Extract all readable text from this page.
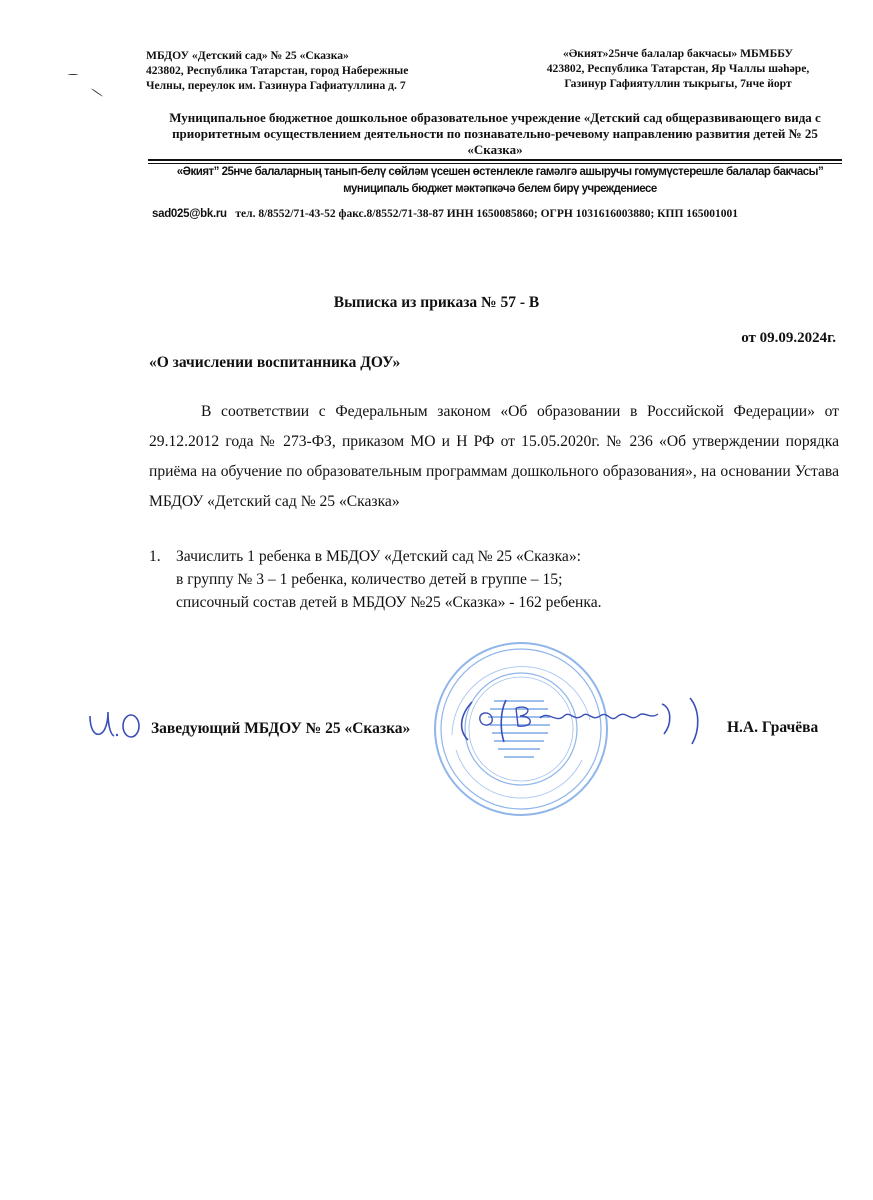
МБДОУ «Детский сад» № 25 «Сказка»
423802, Республика Татарстан, город Набережные
Челны, переулок им. Газинура Гафиатуллина д. 7
«Әкият»25нче балалар бакчасы» МБМББУ
423802, Республика Татарстан, Яр Чаллы шәһәре,
Газинур Гафиятуллин тыкрыгы, 7нче йорт
Муниципальное бюджетное дошкольное образовательное учреждение «Детский сад общеразвивающего вида с приоритетным осуществлением деятельности по познавательно-речевому направлению развития детей № 25 «Сказка»
«Әкият” 25нче балаларның танып-белү сөйләм үсешен өстенлекле гамәлгә ашыручы гомумүстерешле балалар бакчасы” муниципаль бюджет мәктәпкәчә белем бирү учреждениесе
sad025@bk.ru тел. 8/8552/71-43-52 факс.8/8552/71-38-87 ИНН 1650085860; ОГРН 1031616003880; КПП 165001001
Выписка из приказа № 57 - В
от 09.09.2024г.
«О зачислении воспитанника ДОУ»
В соответствии с Федеральным законом «Об образовании в Российской Федерации» от 29.12.2012 года № 273-ФЗ, приказом МО и Н РФ от 15.05.2020г. № 236 «Об утверждении порядка приёма на обучение по образовательным программам дошкольного образования», на основании Устава МБДОУ «Детский сад № 25 «Сказка»
1. Зачислить 1 ребенка в МБДОУ «Детский сад № 25 «Сказка»:
в группу № 3 – 1 ребенка, количество детей в группе – 15;
списочный состав детей в МБДОУ №25 «Сказка» - 162 ребенка.
Заведующий МБДОУ № 25 «Сказка»	Н.А. Грачёва
